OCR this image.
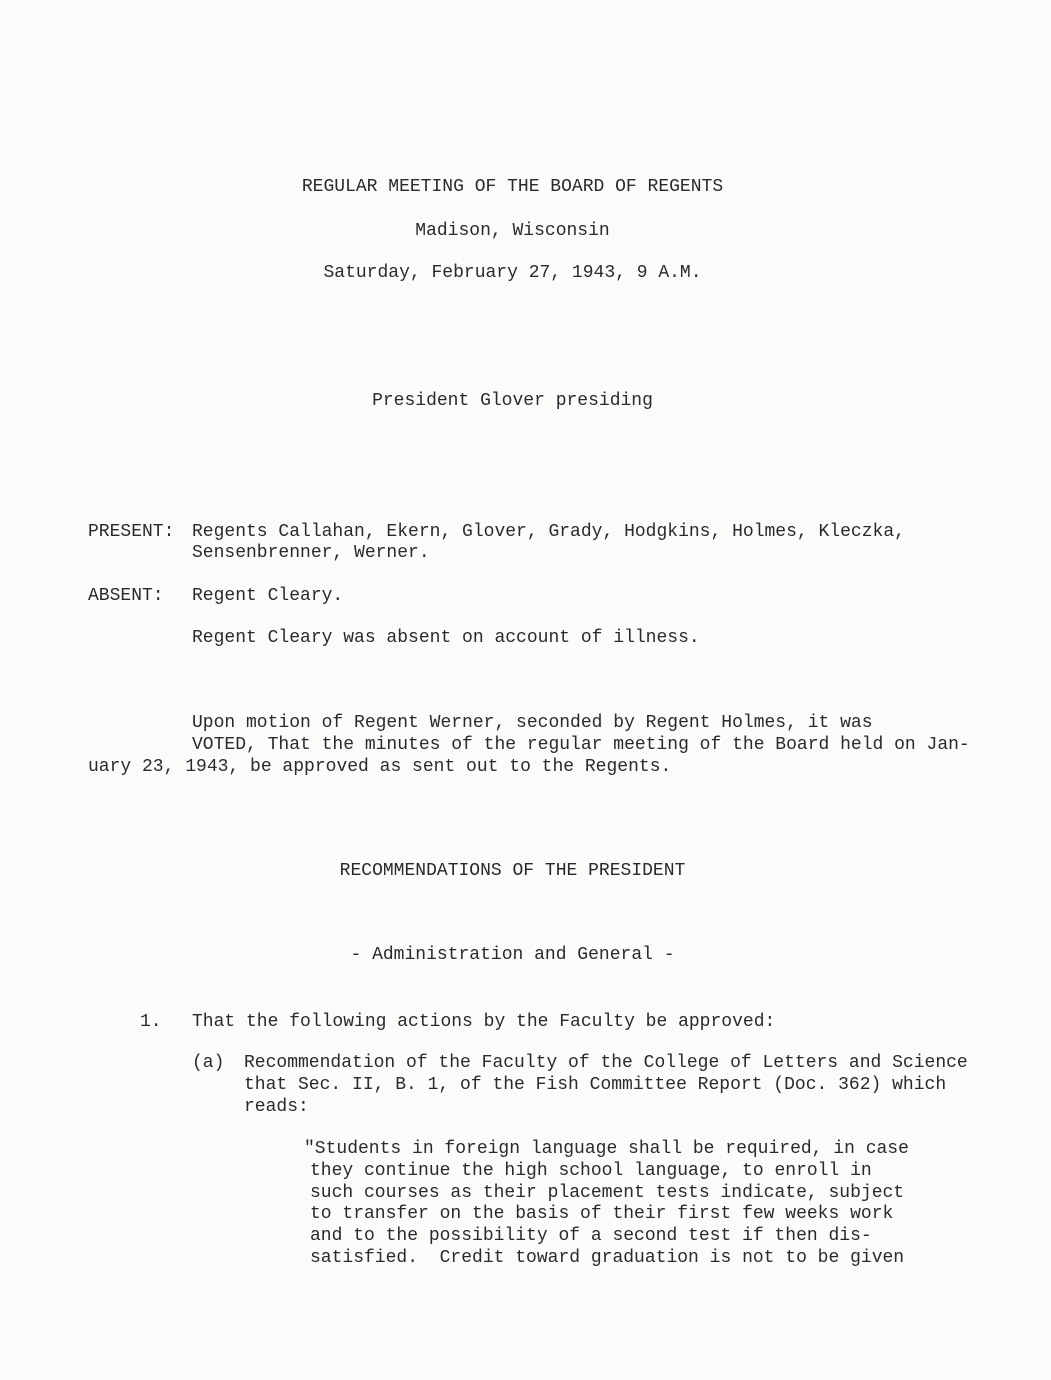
REGULAR MEETING OF THE BOARD OF REGENTS
Madison, Wisconsin
Saturday, February 27, 1943, 9 A.M.
President Glover presiding
PRESENT: Regents Callahan, Ekern, Glover, Grady, Hodgkins, Holmes, Kleczka,
Sensenbrenner, Werner.
ABSENT: Regent Cleary.
Regent Cleary was absent on account of illness.
Upon motion of Regent Werner, seconded by Regent Holmes, it was
VOTED, That the minutes of the regular meeting of the Board held on Jan-
uary 23, 1943, be approved as sent out to the Regents.
RECOMMENDATIONS OF THE PRESIDENT
- Administration and General -
1. That the following actions by the Faculty be approved:
(a) Recommendation of the Faculty of the College of Letters and Science
that Sec. II, B. 1, of the Fish Committee Report (Doc. 362) which
reads:
"Students in foreign language shall be required, in case
they continue the high school language, to enroll in
such courses as their placement tests indicate, subject
to transfer on the basis of their first few weeks work
and to the possibility of a second test if then dis-
satisfied.  Credit toward graduation is not to be given
